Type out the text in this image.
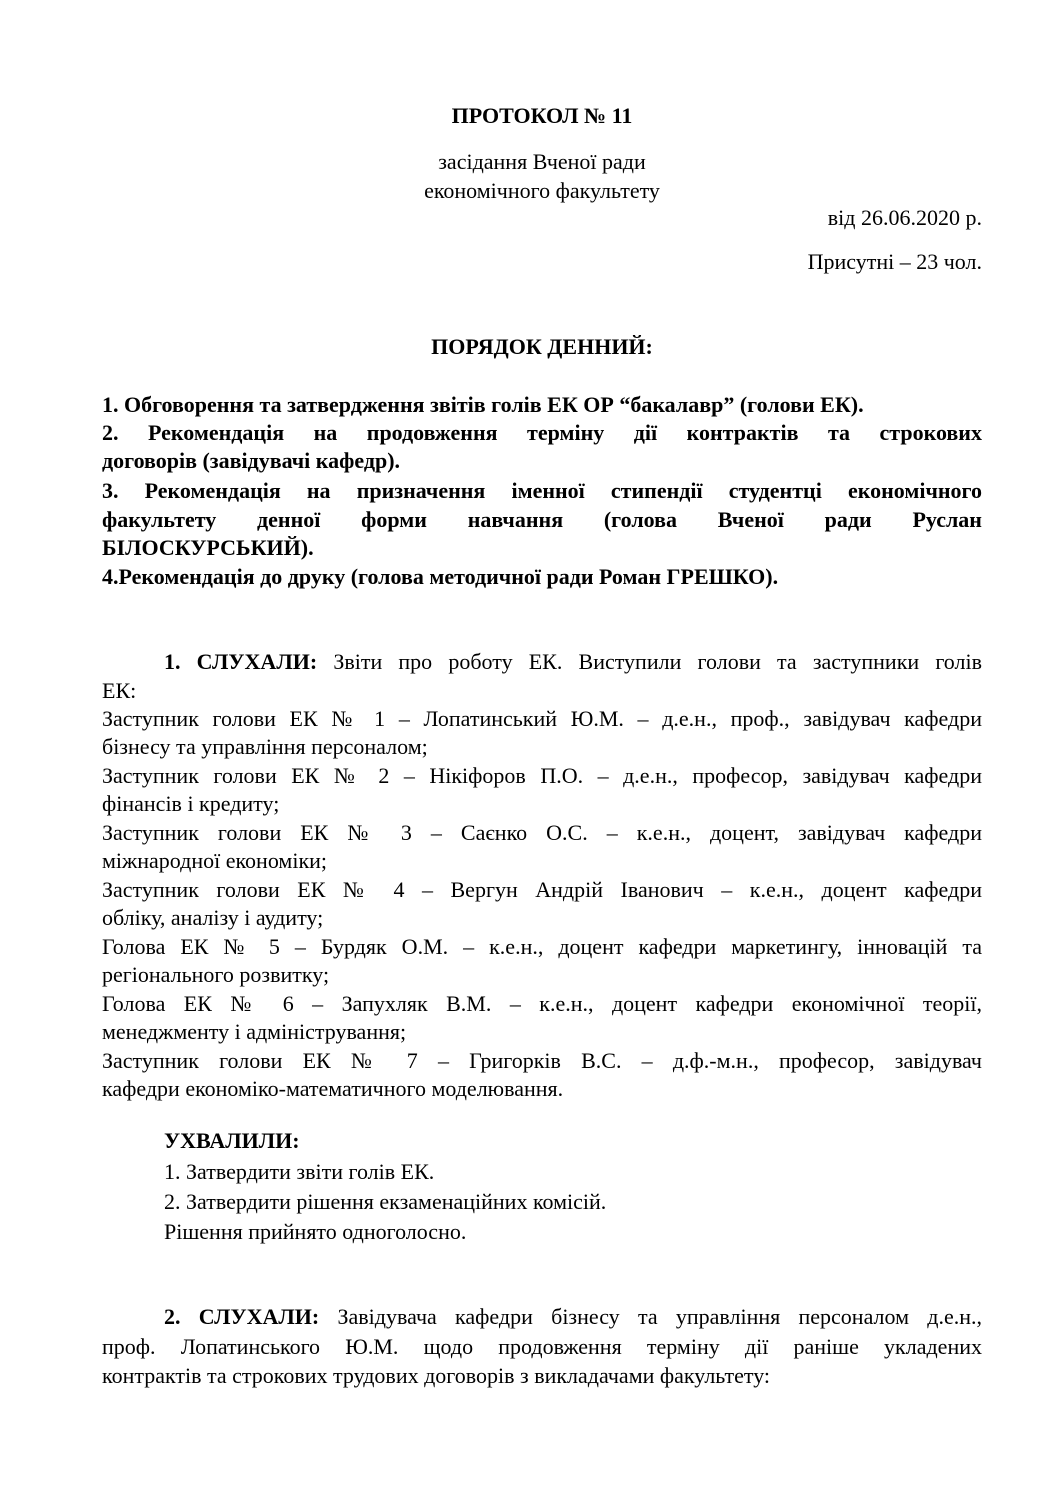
ПРОТОКОЛ № 11
засідання Вченої ради
економічного факультету
від 26.06.2020 р.
Присутні – 23 чол.
ПОРЯДОК ДЕННИЙ:
1. Обговорення та затвердження звітів голів ЕК ОР “бакалавр” (голови ЕК).
2. Рекомендація на продовження терміну дії контрактів та строкових
договорів (завідувачі кафедр).
3. Рекомендація на призначення іменної стипендії студентці економічного
факультету денної форми навчання (голова Вченої ради Руслан
БІЛОСКУРСЬКИЙ).
4.Рекомендація до друку (голова методичної ради Роман ГРЕШКО).
1. СЛУХАЛИ: Звіти про роботу ЕК. Виступили голови та заступники голів
ЕК:
Заступник голови ЕК № 1 – Лопатинський Ю.М. – д.е.н., проф., завідувач кафедри
бізнесу та управління персоналом;
Заступник голови ЕК № 2 – Нікіфоров П.О. – д.е.н., професор, завідувач кафедри
фінансів і кредиту;
Заступник голови ЕК № 3 – Саєнко О.С. – к.е.н., доцент, завідувач кафедри
міжнародної економіки;
Заступник голови ЕК № 4 – Вергун Андрій Іванович – к.е.н., доцент кафедри
обліку, аналізу і аудиту;
Голова ЕК № 5 – Бурдяк О.М. – к.е.н., доцент кафедри маркетингу, інновацій та
регіонального розвитку;
Голова ЕК № 6 – Запухляк В.М. – к.е.н., доцент кафедри економічної теорії,
менеджменту і адміністрування;
Заступник голови ЕК № 7 – Григорків В.С. – д.ф.-м.н., професор, завідувач
кафедри економіко-математичного моделювання.
УХВАЛИЛИ:
1. Затвердити звіти голів ЕК.
2. Затвердити рішення екзаменаційних комісій.
Рішення прийнято одноголосно.
2. СЛУХАЛИ: Завідувача кафедри бізнесу та управління персоналом д.е.н.,
проф. Лопатинського Ю.М. щодо продовження терміну дії раніше укладених
контрактів та строкових трудових договорів з викладачами факультету:
